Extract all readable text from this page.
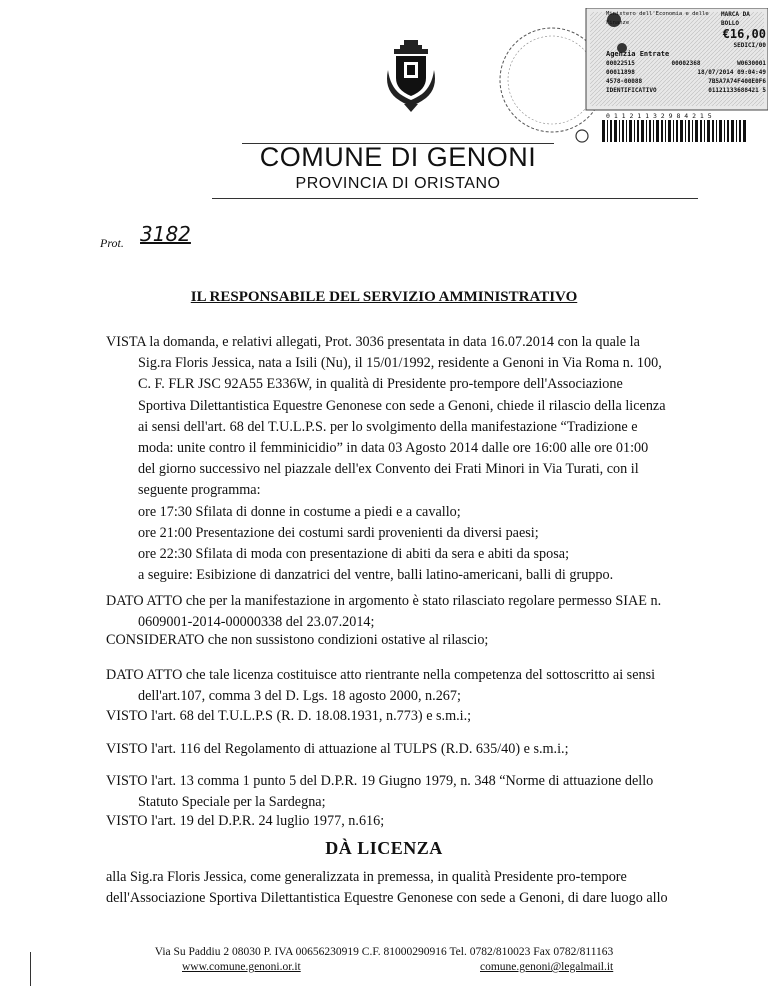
Ministero dell'Economia e delle Finanze
MARCA DA BOLLO
€16,00
SEDICI/00
Agenzia Entrate
00022515	00002368	W0630001
00011898	18/07/2014 09:04:49
4578-00088	7B5A7A74F400E0F6
IDENTIFICATIVO	01121133688421 5
0 1 1 2 1 1 3 2 9 8 4 2 1 5
COMUNE DI GENONI
PROVINCIA DI ORISTANO
Prot. 3182
IL RESPONSABILE DEL SERVIZIO AMMINISTRATIVO
VISTA la domanda, e relativi allegati, Prot. 3036 presentata in data 16.07.2014 con la quale la
Sig.ra Floris Jessica, nata a Isili (Nu), il 15/01/1992, residente a Genoni in Via Roma n. 100,
C. F. FLR JSC 92A55 E336W, in qualità di Presidente pro-tempore dell'Associazione
Sportiva Dilettantistica Equestre Genonese con sede a Genoni, chiede il rilascio della licenza
ai sensi dell'art. 68 del T.U.L.P.S. per lo svolgimento della manifestazione “Tradizione e
moda: unite contro il femminicidio” in data 03 Agosto 2014 dalle ore 16:00 alle ore 01:00
del giorno successivo nel piazzale dell'ex Convento dei Frati Minori in Via Turati, con il
seguente programma:
ore 17:30 Sfilata di donne in costume a piedi e a cavallo;
ore 21:00 Presentazione dei costumi sardi provenienti da diversi paesi;
ore 22:30 Sfilata di moda con presentazione di abiti da sera e abiti da sposa;
a seguire: Esibizione di danzatrici del ventre, balli latino-americani, balli di gruppo.
DATO ATTO che per la manifestazione in argomento è stato rilasciato regolare permesso SIAE n.
0609001-2014-00000338 del 23.07.2014;
CONSIDERATO che non sussistono condizioni ostative al rilascio;
DATO ATTO che tale licenza costituisce atto rientrante nella competenza del sottoscritto ai sensi
dell'art.107, comma 3 del D. Lgs. 18 agosto 2000, n.267;
VISTO l'art. 68 del T.U.L.P.S (R. D. 18.08.1931, n.773) e s.m.i.;
VISTO l'art. 116 del Regolamento di attuazione al TULPS (R.D. 635/40) e s.m.i.;
VISTO l'art. 13 comma 1 punto 5 del D.P.R. 19 Giugno 1979, n. 348 “Norme di attuazione dello
Statuto Speciale per la Sardegna;
VISTO l'art. 19 del D.P.R. 24 luglio 1977, n.616;
DÀ LICENZA
alla Sig.ra Floris Jessica, come generalizzata in premessa, in qualità Presidente pro-tempore
dell'Associazione Sportiva Dilettantistica Equestre Genonese con sede a Genoni, di dare luogo allo
Via Su Paddiu 2 08030 P. IVA 00656230919 C.F. 81000290916 Tel. 0782/810023 Fax 0782/811163
www.comune.genoni.or.it	comune.genoni@legalmail.it
